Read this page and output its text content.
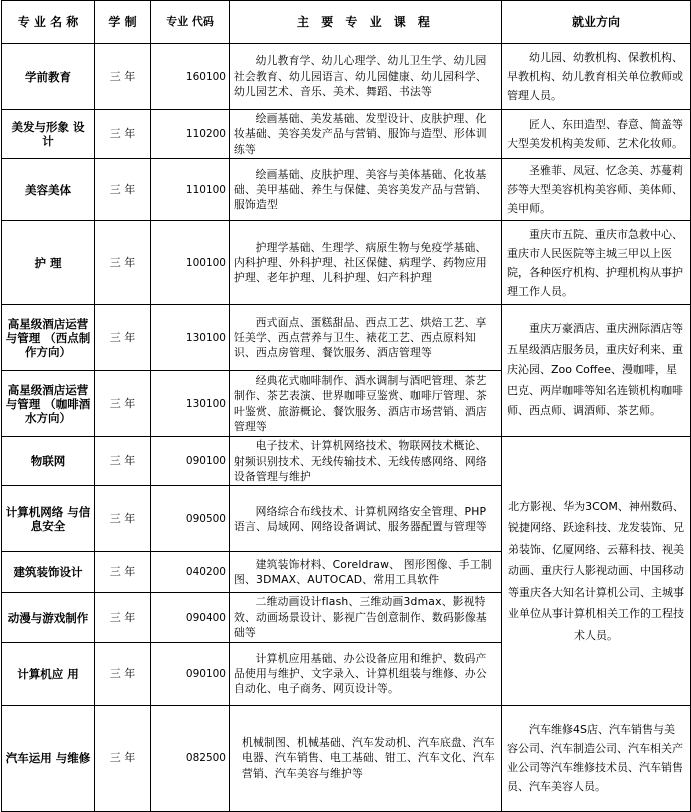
专 业 名 称	学 制	专业 代码	主 要 专 业 课 程	就业方向
学前教育	三 年	160100	幼儿教育学、幼儿心理学、幼儿卫生学、幼儿园社会教育、幼儿园语言、幼儿园健康、幼儿园科学、幼儿园艺术、音乐、美术、舞蹈、书法等	幼儿园、幼教机构、保教机构、早教机构、幼儿教育相关单位教师或管理人员。
美发与形象 设 计	三 年	110200	绘画基础、美发基础、发型设计、皮肤护理、化妆基础、美容美发产品与营销、服饰与造型、形体训练等	匠人、东田造型、春意、简盖等大型美发机构美发师、艺术化妆师。
美容美体	三 年	110100	绘画基础、皮肤护理、美容与美体基础、化妆基础、美甲基础、养生与保健、美容美发产品与营销、服饰造型	圣雅菲、凤冠、忆念美、苏蔓莉莎等大型美容机构美容师、美体师、美甲师。
护 理	三 年	100100	护理学基础、生理学、病原生物与免疫学基础、内科护理、外科护理、社区保健、病理学、药物应用护理、老年护理、儿科护理、妇产科护理	重庆市五院、重庆市急救中心、重庆市人民医院等主城三甲以上医院，各种医疗机构、护理机构从事护理工作人员。
高星级酒店运营与管理 （西点制作方向）	三 年	130100	西式面点、蛋糕甜品、西点工艺、烘焙工艺、享饪美学、西点营养与卫生、裱花工艺、西点原料知识、西点房管理、餐饮服务、酒店管理等	重庆万豪酒店、重庆洲际酒店等五星级酒店服务员，重庆好利来、重庆沁园、Zoo Coffee、漫咖啡，星巴克、两岸咖啡等知名连锁机构咖啡师、西点师、调酒师、茶艺师。
高星级酒店运营与管理 （咖啡酒水方向）	三 年	130100	经典花式咖啡制作、酒水调制与酒吧管理、茶艺制作、茶艺表演、世界咖啡豆鉴赏、咖啡厅管理、茶叶鉴赏、旅游概论、餐饮服务、酒店市场营销、酒店管理等	
物联网	三 年	090100	电子技术、计算机网络技术、物联网技术概论、射频识别技术、无线传输技术、无线传感网络、网络设备管理与维护	北方影视、华为3COM、神州数码、锐捷网络、跃途科技、龙发装饰、兄弟装饰、亿厦网络、云幕科技、视美动画、重庆行人影视动画、中国移动等重庆各大知名计算机公司、主城事业单位从事计算机相关工作的工程技术人员。
计算机网络 与信息安全	三 年	090500	网络综合布线技术、计算机网络安全管理、PHP语言、局域网、网络设备调试、服务器配置与管理等	
建筑装饰设计	三 年	040200	建筑装饰材料、Coreldraw、 图形图像、手工制图、3DMAX、AUTOCAD、常用工具软件	
动漫与游戏制作	三 年	090400	二维动画设计flash、三维动画3dmax、影视特效、动画场景设计、影视广告创意制作、数码影像基础等	
计算机应 用	三 年	090100	计算机应用基础、办公设备应用和维护、数码产品使用与维护、文字录入、计算机组装与维修、办公自动化、电子商务、网页设计等。	
汽车运用 与维修	三 年	082500	机械制图、机械基础、汽车发动机、汽车底盘、汽车电器、汽车销售、电工基础、钳工、汽车文化、汽车营销、汽车美容与维护等	汽车维修4S店、汽车销售与美容公司、汽车制造公司、汽车相关产业公司等汽车维修技术员、汽车销售员、汽车美容人员。
